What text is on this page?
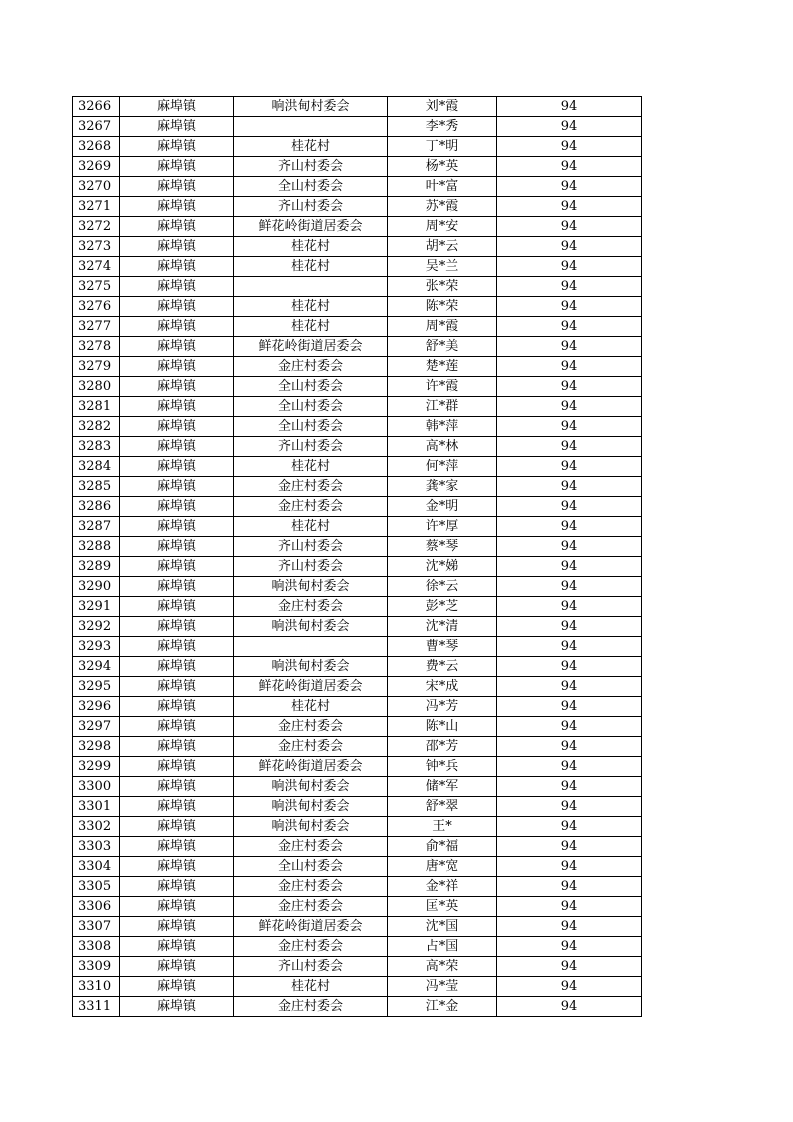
3266	麻埠镇	响洪甸村委会	刘*霞	94
3267	麻埠镇		李*秀	94
3268	麻埠镇	桂花村	丁*明	94
3269	麻埠镇	齐山村委会	杨*英	94
3270	麻埠镇	全山村委会	叶*富	94
3271	麻埠镇	齐山村委会	苏*霞	94
3272	麻埠镇	鲜花岭街道居委会	周*安	94
3273	麻埠镇	桂花村	胡*云	94
3274	麻埠镇	桂花村	吴*兰	94
3275	麻埠镇		张*荣	94
3276	麻埠镇	桂花村	陈*荣	94
3277	麻埠镇	桂花村	周*霞	94
3278	麻埠镇	鲜花岭街道居委会	舒*美	94
3279	麻埠镇	金庄村委会	楚*莲	94
3280	麻埠镇	全山村委会	许*霞	94
3281	麻埠镇	全山村委会	江*群	94
3282	麻埠镇	全山村委会	韩*萍	94
3283	麻埠镇	齐山村委会	高*林	94
3284	麻埠镇	桂花村	何*萍	94
3285	麻埠镇	金庄村委会	龚*家	94
3286	麻埠镇	金庄村委会	金*明	94
3287	麻埠镇	桂花村	许*厚	94
3288	麻埠镇	齐山村委会	蔡*琴	94
3289	麻埠镇	齐山村委会	沈*娣	94
3290	麻埠镇	响洪甸村委会	徐*云	94
3291	麻埠镇	金庄村委会	彭*芝	94
3292	麻埠镇	响洪甸村委会	沈*清	94
3293	麻埠镇		曹*琴	94
3294	麻埠镇	响洪甸村委会	费*云	94
3295	麻埠镇	鲜花岭街道居委会	宋*成	94
3296	麻埠镇	桂花村	冯*芳	94
3297	麻埠镇	金庄村委会	陈*山	94
3298	麻埠镇	金庄村委会	邵*芳	94
3299	麻埠镇	鲜花岭街道居委会	钟*兵	94
3300	麻埠镇	响洪甸村委会	储*军	94
3301	麻埠镇	响洪甸村委会	舒*翠	94
3302	麻埠镇	响洪甸村委会	王*	94
3303	麻埠镇	金庄村委会	俞*福	94
3304	麻埠镇	全山村委会	唐*宽	94
3305	麻埠镇	金庄村委会	金*祥	94
3306	麻埠镇	金庄村委会	匡*英	94
3307	麻埠镇	鲜花岭街道居委会	沈*国	94
3308	麻埠镇	金庄村委会	占*国	94
3309	麻埠镇	齐山村委会	高*荣	94
3310	麻埠镇	桂花村	冯*莹	94
3311	麻埠镇	金庄村委会	江*金	94
